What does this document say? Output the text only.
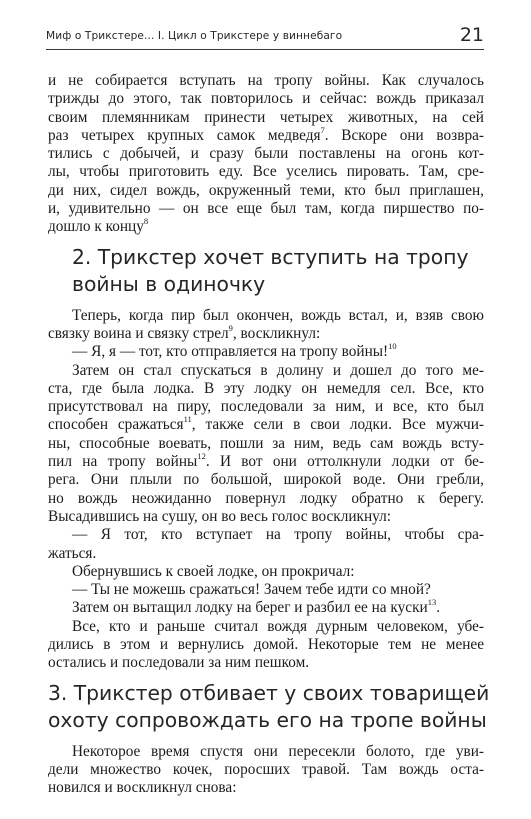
Миф о Трикстере... I. Цикл о Трикстере у виннебаго	21
и не собирается вступать на тропу войны. Как случалось
трижды до этого, так повторилось и сейчас: вождь приказал
своим племянникам принести четырех животных, на сей
раз четырех крупных самок медведя$^7$. Вскоре они возвра-
тились с добычей, и сразу были поставлены на огонь кот-
лы, чтобы приготовить еду. Все уселись пировать. Там, сре-
ди них, сидел вождь, окруженный теми, кто был приглашен,
и, удивительно — он все еще был там, когда пиршество по-
дошло к концу$^8$
2. Трикстер хочет вступить на тропу
войны в одиночку
Теперь, когда пир был окончен, вождь встал, и, взяв свою
связку воина и связку стрел$^9$, воскликнул:
— Я, я — тот, кто отправляется на тропу войны!$^{10}$
Затем он стал спускаться в долину и дошел до того ме-
ста, где была лодка. В эту лодку он немедля сел. Все, кто
присутствовал на пиру, последовали за ним, и все, кто был
способен сражаться$^{11}$, также сели в свои лодки. Все мужчи-
ны, способные воевать, пошли за ним, ведь сам вождь всту-
пил на тропу войны$^{12}$. И вот они оттолкнули лодки от бе-
рега. Они плыли по большой, широкой воде. Они гребли,
но вождь неожиданно повернул лодку обратно к берегу.
Высадившись на сушу, он во весь голос воскликнул:
— Я тот, кто вступает на тропу войны, чтобы сра-
жаться.
Обернувшись к своей лодке, он прокричал:
— Ты не можешь сражаться! Зачем тебе идти со мной?
Затем он вытащил лодку на берег и разбил ее на куски$^{13}$.
Все, кто и раньше считал вождя дурным человеком, убе-
дились в этом и вернулись домой. Некоторые тем не менее
остались и последовали за ним пешком.
3. Трикстер отбивает у своих товарищей
охоту сопровождать его на тропе войны
Некоторое время спустя они пересекли болото, где уви-
дели множество кочек, поросших травой. Там вождь оста-
новился и воскликнул снова:
